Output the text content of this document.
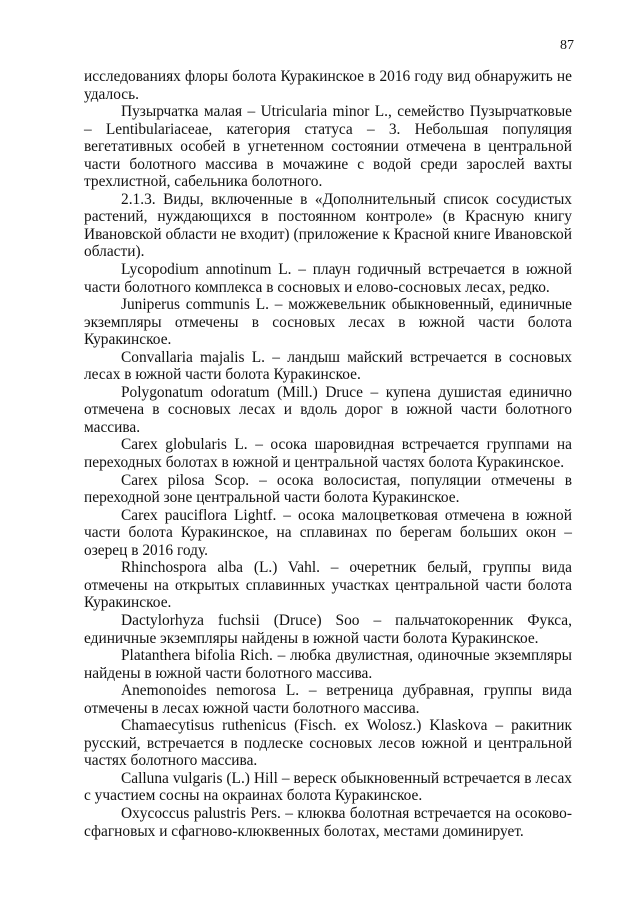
87

исследованиях флоры болота Куракинское в 2016 году вид обнаружить не удалось.

Пузырчатка малая – Utricularia minor L., семейство Пузырчатковые – Lentibulariaceae, категория статуса – 3. Небольшая популяция вегетативных особей в угнетенном состоянии отмечена в центральной части болотного массива в мочажине с водой среди зарослей вахты трехлистной, сабельника болотного.

2.1.3. Виды, включенные в «Дополнительный список сосудистых растений, нуждающихся в постоянном контроле» (в Красную книгу Ивановской области не входит) (приложение к Красной книге Ивановской области).

Lycopodium annotinum L. – плаун годичный встречается в южной части болотного комплекса в сосновых и елово-сосновых лесах, редко.

Juniperus communis L. – можжевельник обыкновенный, единичные экземпляры отмечены в сосновых лесах в южной части болота Куракинское.

Convallaria majalis L. – ландыш майский встречается в сосновых лесах в южной части болота Куракинское.

Polygonatum odoratum (Mill.) Druce – купена душистая единично отмечена в сосновых лесах и вдоль дорог в южной части болотного массива.

Carex globularis L. – осока шаровидная встречается группами на переходных болотах в южной и центральной частях болота Куракинское.

Carex pilosa Scop. – осока волосистая, популяции отмечены в переходной зоне центральной части болота Куракинское.

Carex pauciflora Lightf. – осока малоцветковая отмечена в южной части болота Куракинское, на сплавинах по берегам больших окон – озерец в 2016 году.

Rhinchospora alba (L.) Vahl. – очеретник белый, группы вида отмечены на открытых сплавинных участках центральной части болота Куракинское.

Dactylorhyza fuchsii (Druce) Soo – пальчатокоренник Фукса, единичные экземпляры найдены в южной части болота Куракинское.

Platanthera bifolia Rich. – любка двулистная, одиночные экземпляры найдены в южной части болотного массива.

Anemonoides nemorosa L. – ветреница дубравная, группы вида отмечены в лесах южной части болотного массива.

Chamaecytisus ruthenicus (Fisch. ex Wolosz.) Klaskova – ракитник русский, встречается в подлеске сосновых лесов южной и центральной частях болотного массива.

Calluna vulgaris (L.) Hill – вереск обыкновенный встречается в лесах с участием сосны на окраинах болота Куракинское.

Oxycoccus palustris Pers. – клюква болотная встречается на осоково-сфагновых и сфагново-клюквенных болотах, местами доминирует.
